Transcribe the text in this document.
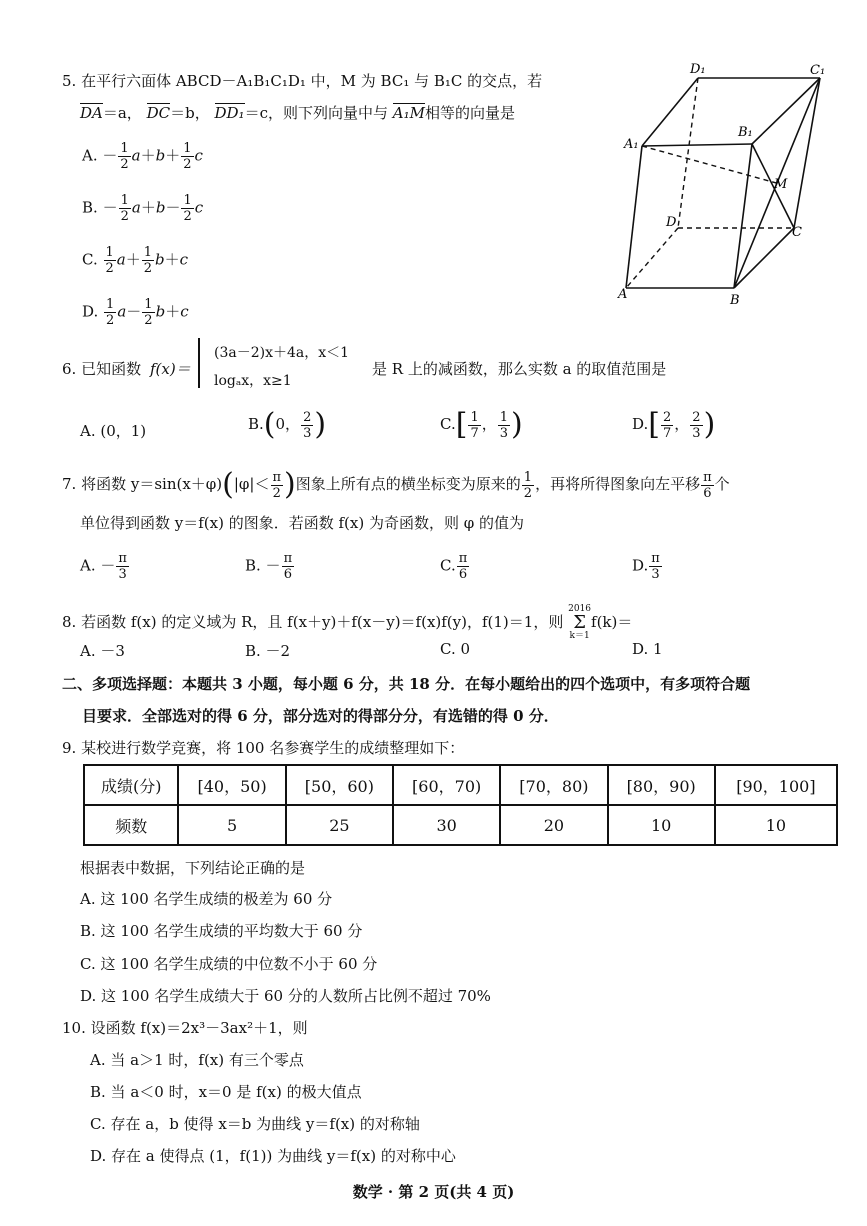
5. 在平行六面体 ABCD－A₁B₁C₁D₁ 中，M 为 BC₁ 与 B₁C 的交点，若
DA＝a， DC＝b， DD₁＝c，则下列向量中与 A₁M相等的向量是
A. － $\frac{1}{2} a+b+ \frac{1}{2}$ c
B. － $\frac{1}{2} a+b- \frac{1}{2}$ c
C. $\frac{1}{2} a+ \frac{1}{2} b+c$
D. $\frac{1}{2} a- \frac{1}{2} b+c$
D₁	C₁
A₁
B₁
M
D
C
A	B
6. 已知函数 f(x)＝
(3a－2)x＋4a，x＜1
logₐx，x≥1
是 R 上的减函数，那么实数 a 的取值范围是
A. (0，1)	B.(0， $\frac{2}{3}$ )	$C.[ \frac{1}{7}$ ， $\frac{1}{3}$ )	$D.[ \frac{2}{7}$ ， $\frac{2}{3}$ )
7. 将函数 $y=\sin(x+\varphi)(|\varphi|< \frac{\pi}{2}$ )图象上所有点的横坐标变为原来的 $\frac{1}{2}$ ，再将所得图象向左平移 $\frac{\pi}{6}$ 个
单位得到函数 y＝f(x) 的图象．若函数 f(x) 为奇函数，则 φ 的值为
A. － $\frac{\pi}{3}$	B. － $\frac{\pi}{6}$	C. $\frac{\pi}{6}$	D. $\frac{\pi}{3}$
8. 若函数 f(x) 的定义域为 R，且 f(x＋y)＋f(x－y)＝f(x)f(y)，f(1)＝1，则
2016
Σ
k＝1
f(k)＝
A. －3	B. －2	C. 0	D. 1
二、多项选择题：本题共 3 小题，每小题 6 分，共 18 分．在每小题给出的四个选项中，有多项符合题
目要求．全部选对的得 6 分，部分选对的得部分分，有选错的得 0 分．
9. 某校进行数学竞赛，将 100 名参赛学生的成绩整理如下：
成绩(分)	[40，50)	[50，60)	[60，70)	[70，80)	[80，90)	[90，100]
频数	5	25	30	20	10	10
根据表中数据，下列结论正确的是
A. 这 100 名学生成绩的极差为 60 分
B. 这 100 名学生成绩的平均数大于 60 分
C. 这 100 名学生成绩的中位数不小于 60 分
D. 这 100 名学生成绩大于 60 分的人数所占比例不超过 70%
10. 设函数 f(x)＝2x³－3ax²＋1，则
A. 当 a＞1 时，f(x) 有三个零点
B. 当 a＜0 时，x＝0 是 f(x) 的极大值点
C. 存在 a，b 使得 x＝b 为曲线 y＝f(x) 的对称轴
D. 存在 a 使得点 (1，f(1)) 为曲线 y＝f(x) 的对称中心
数学 · 第 2 页(共 4 页)
